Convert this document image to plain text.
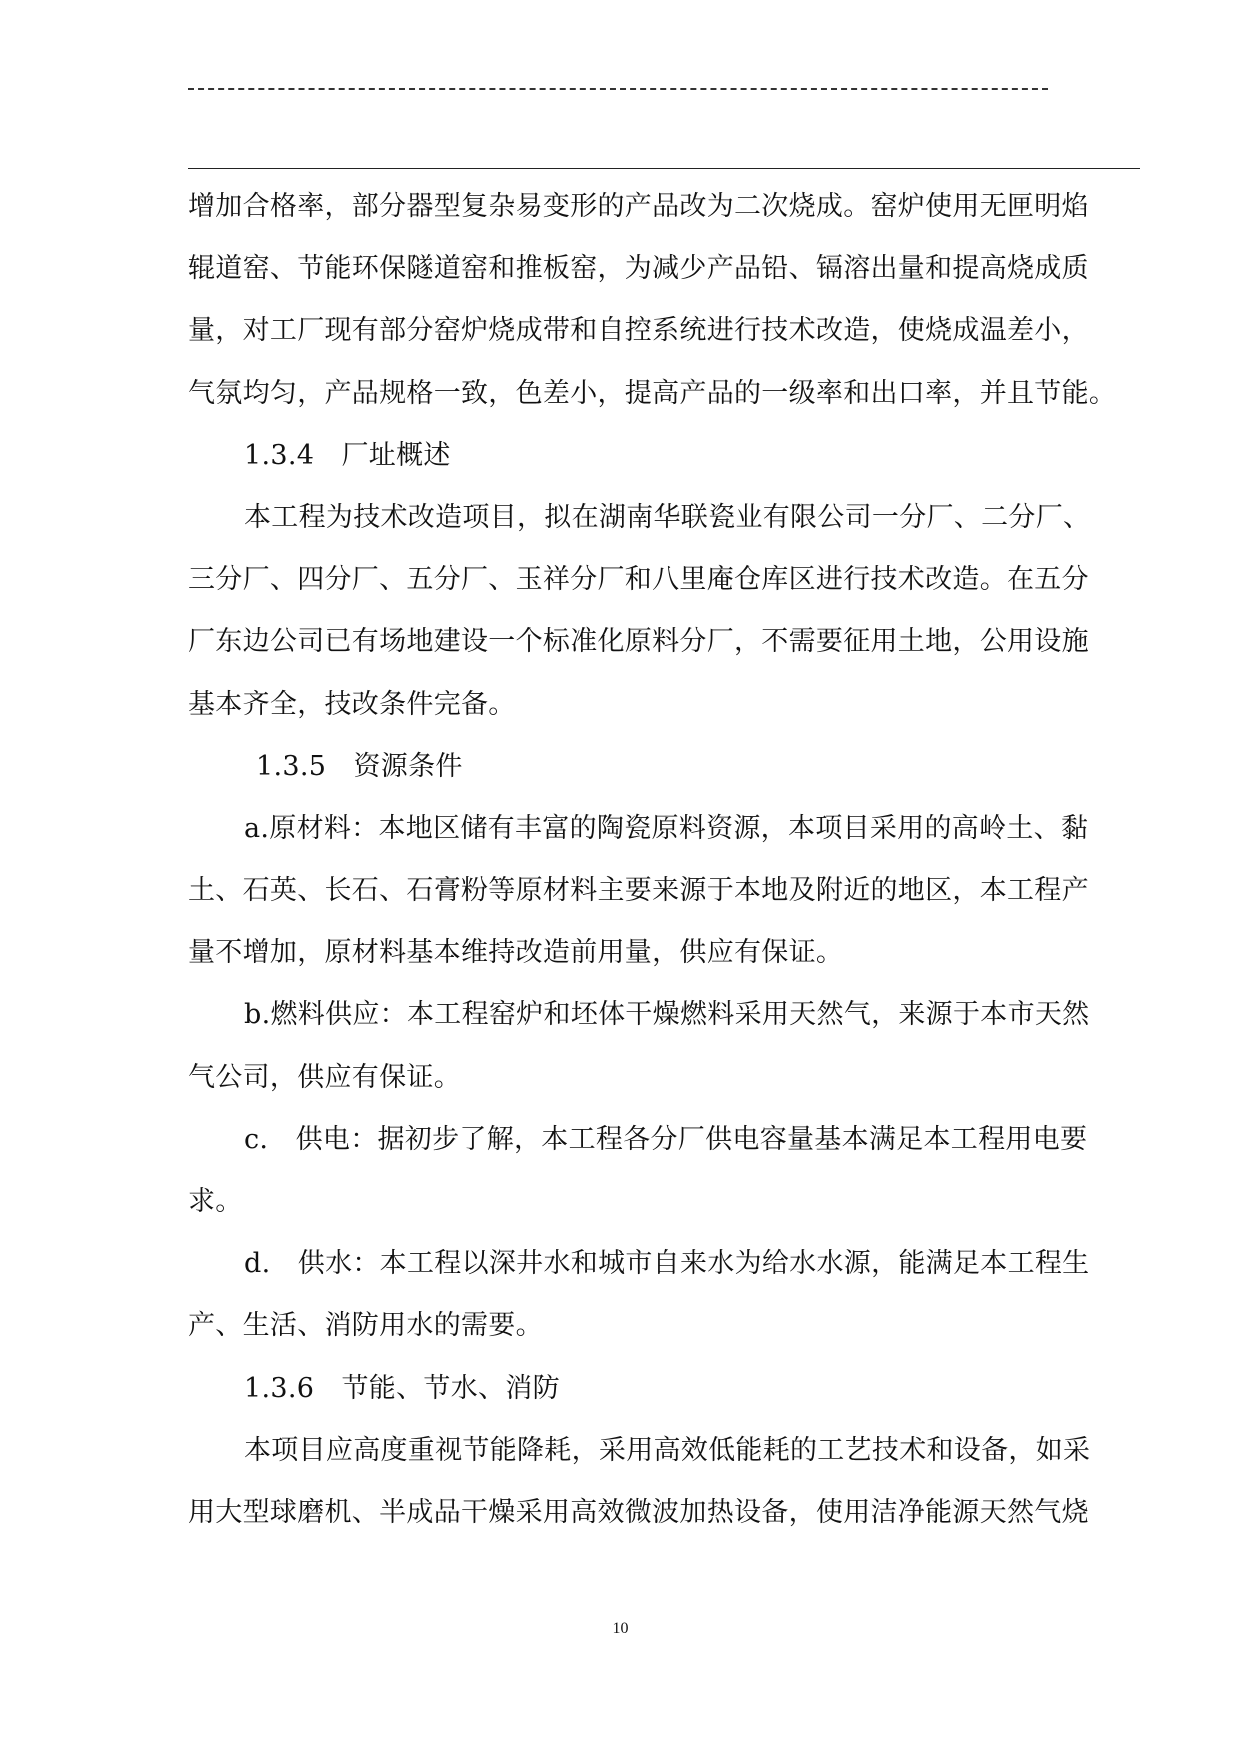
增加合格率，部分器型复杂易变形的产品改为二次烧成。窑炉使用无匣明焰
辊道窑、节能环保隧道窑和推板窑，为减少产品铅、镉溶出量和提高烧成质
量，对工厂现有部分窑炉烧成带和自控系统进行技术改造，使烧成温差小，
气氛均匀，产品规格一致，色差小，提高产品的一级率和出口率，并且节能。
1.3.4　厂址概述
本工程为技术改造项目，拟在湖南华联瓷业有限公司一分厂、二分厂、
三分厂、四分厂、五分厂、玉祥分厂和八里庵仓库区进行技术改造。在五分
厂东边公司已有场地建设一个标准化原料分厂，不需要征用土地，公用设施
基本齐全，技改条件完备。
1.3.5　资源条件
a.原材料：本地区储有丰富的陶瓷原料资源，本项目采用的高岭土、黏
土、石英、长石、石膏粉等原材料主要来源于本地及附近的地区，本工程产
量不增加，原材料基本维持改造前用量，供应有保证。
b.燃料供应：本工程窑炉和坯体干燥燃料采用天然气，来源于本市天然
气公司，供应有保证。
c.　供电：据初步了解，本工程各分厂供电容量基本满足本工程用电要
求。
d.　供水：本工程以深井水和城市自来水为给水水源，能满足本工程生
产、生活、消防用水的需要。
1.3.6　节能、节水、消防
本项目应高度重视节能降耗，采用高效低能耗的工艺技术和设备，如采
用大型球磨机、半成品干燥采用高效微波加热设备，使用洁净能源天然气烧
10
